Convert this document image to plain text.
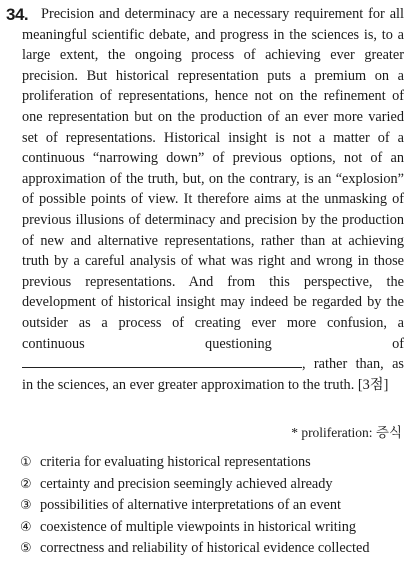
34. Precision and determinacy are a necessary requirement for all meaningful scientific debate, and progress in the sciences is, to a large extent, the ongoing process of achieving ever greater precision. But historical representation puts a premium on a proliferation of representations, hence not on the refinement of one representation but on the production of an ever more varied set of representations. Historical insight is not a matter of a continuous “narrowing down” of previous options, not of an approximation of the truth, but, on the contrary, is an “explosion” of possible points of view. It therefore aims at the unmasking of previous illusions of determinacy and precision by the production of new and alternative representations, rather than at achieving truth by a careful analysis of what was right and wrong in those previous representations. And from this perspective, the development of historical insight may indeed be regarded by the outsider as a process of creating ever more confusion, a continuous questioning of , rather than, as in the sciences, an ever greater approximation to the truth. [3점]

* proliferation: 증식
① criteria for evaluating historical representations
② certainty and precision seemingly achieved already
③ possibilities of alternative interpretations of an event
④ coexistence of multiple viewpoints in historical writing
⑤ correctness and reliability of historical evidence collected
